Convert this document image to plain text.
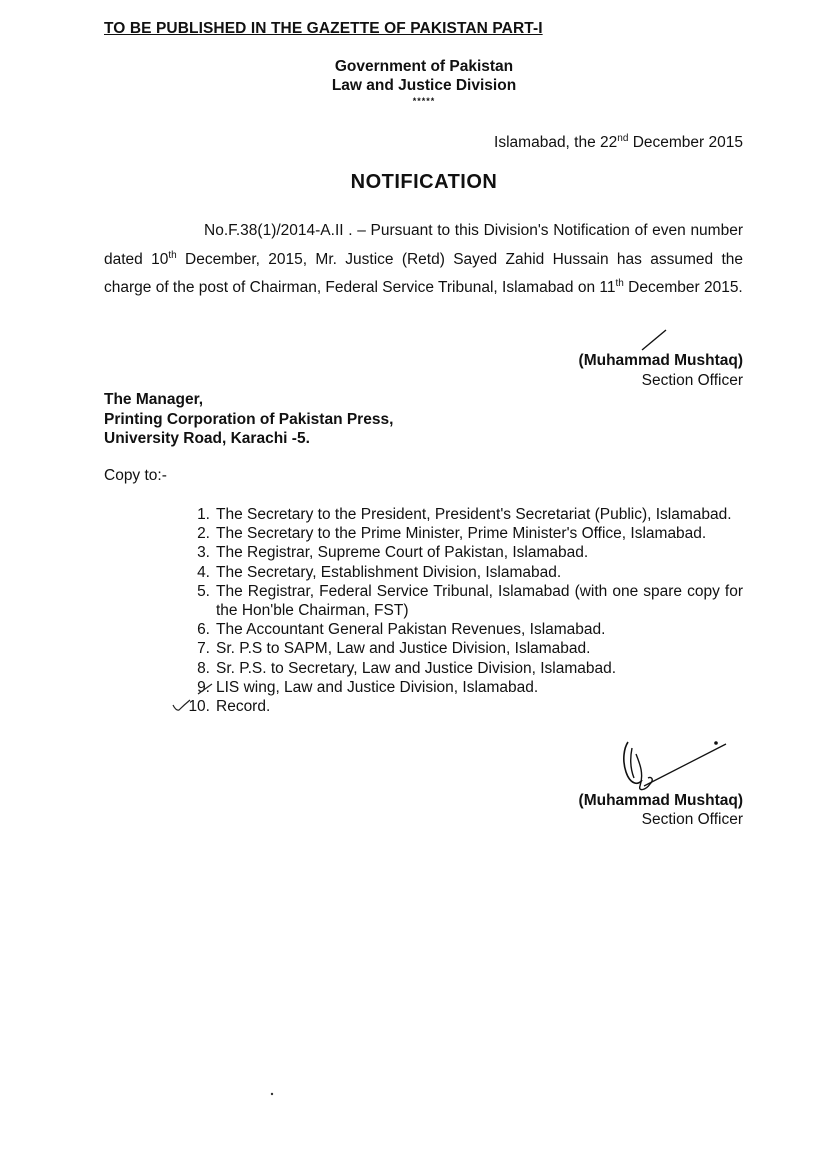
TO BE PUBLISHED IN THE GAZETTE OF PAKISTAN PART-I
Government of Pakistan
Law and Justice Division
*****
Islamabad, the 22nd December 2015
NOTIFICATION
No.F.38(1)/2014-A.II . – Pursuant to this Division's Notification of even number dated 10th December, 2015, Mr. Justice (Retd) Sayed Zahid Hussain has assumed the charge of the post of Chairman, Federal Service Tribunal, Islamabad on 11th December 2015.
(Muhammad Mushtaq)
Section Officer
The Manager,
Printing Corporation of Pakistan Press,
University Road, Karachi -5.
Copy to:-
1. The Secretary to the President, President's Secretariat (Public), Islamabad.
2. The Secretary to the Prime Minister, Prime Minister's Office, Islamabad.
3. The Registrar, Supreme Court of Pakistan, Islamabad.
4. The Secretary, Establishment Division, Islamabad.
5. The Registrar, Federal Service Tribunal, Islamabad (with one spare copy for the Hon'ble Chairman, FST)
6. The Accountant General Pakistan Revenues, Islamabad.
7. Sr. P.S to SAPM, Law and Justice Division, Islamabad.
8. Sr. P.S. to Secretary, Law and Justice Division, Islamabad.
9. LIS wing, Law and Justice Division, Islamabad.
10. Record.
(Muhammad Mushtaq)
Section Officer
